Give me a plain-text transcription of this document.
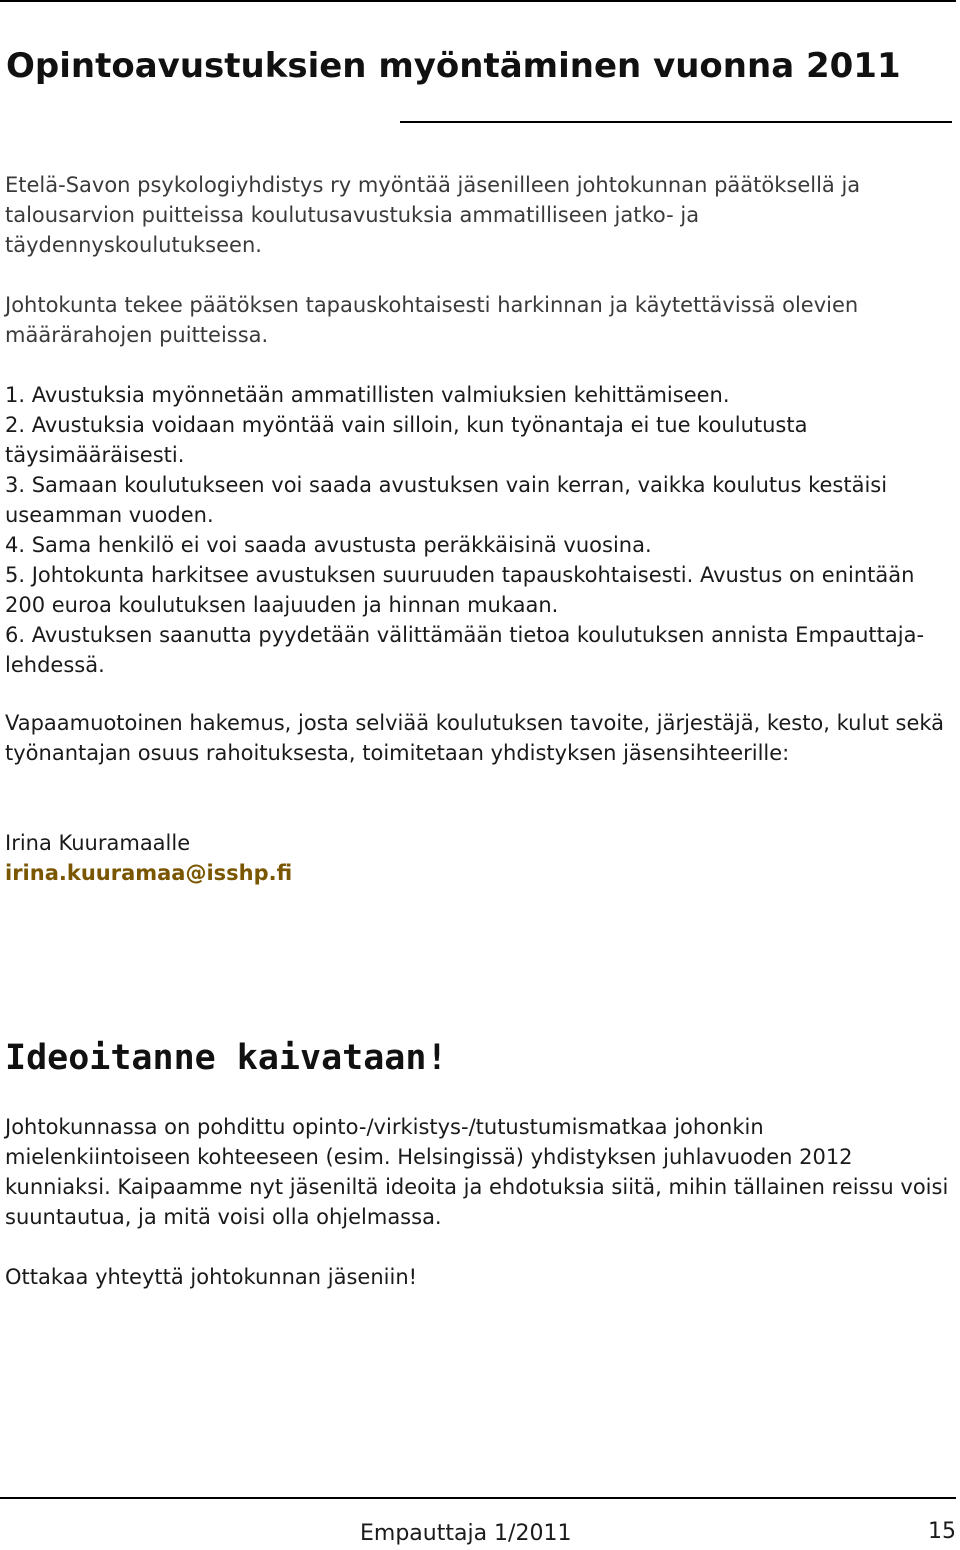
Opintoavustuksien myöntäminen vuonna 2011

Etelä-Savon psykologiyhdistys ry myöntää jäsenilleen johtokunnan päätöksellä ja talousarvion puitteissa koulutusavustuksia ammatilliseen jatko- ja täydennyskoulutukseen.

Johtokunta tekee päätöksen tapauskohtaisesti harkinnan ja käytettävissä olevien määrärahojen puitteissa.

1. Avustuksia myönnetään ammatillisten valmiuksien kehittämiseen.
2. Avustuksia voidaan myöntää vain silloin, kun työnantaja ei tue koulutusta täysimääräisesti.
3. Samaan koulutukseen voi saada avustuksen vain kerran, vaikka koulutus kestäisi useamman vuoden.
4. Sama henkilö ei voi saada avustusta peräkkäisinä vuosina.
5. Johtokunta harkitsee avustuksen suuruuden tapauskohtaisesti. Avustus on enintään 200 euroa koulutuksen laajuuden ja hinnan mukaan.
6. Avustuksen saanutta pyydetään välittämään tietoa koulutuksen annista Empauttaja-lehdessä.

Vapaamuotoinen hakemus, josta selviää koulutuksen tavoite, järjestäjä, kesto, kulut sekä työnantajan osuus rahoituksesta, toimitetaan yhdistyksen jäsensihteerille:

Irina Kuuramaalle

irina.kuuramaa@isshp.fi

Ideoitanne kaivataan!

Johtokunnassa on pohdittu opinto-/virkistys-/tutustumismatkaa johonkin mielenkiintoiseen kohteeseen (esim. Helsingissä) yhdistyksen juhlavuoden 2012 kunniaksi. Kaipaamme nyt jäseniltä ideoita ja ehdotuksia siitä, mihin tällainen reissu voisi suuntautua, ja mitä voisi olla ohjelmassa.

Ottakaa yhteyttä johtokunnan jäseniin!

Empauttaja 1/2011	15
